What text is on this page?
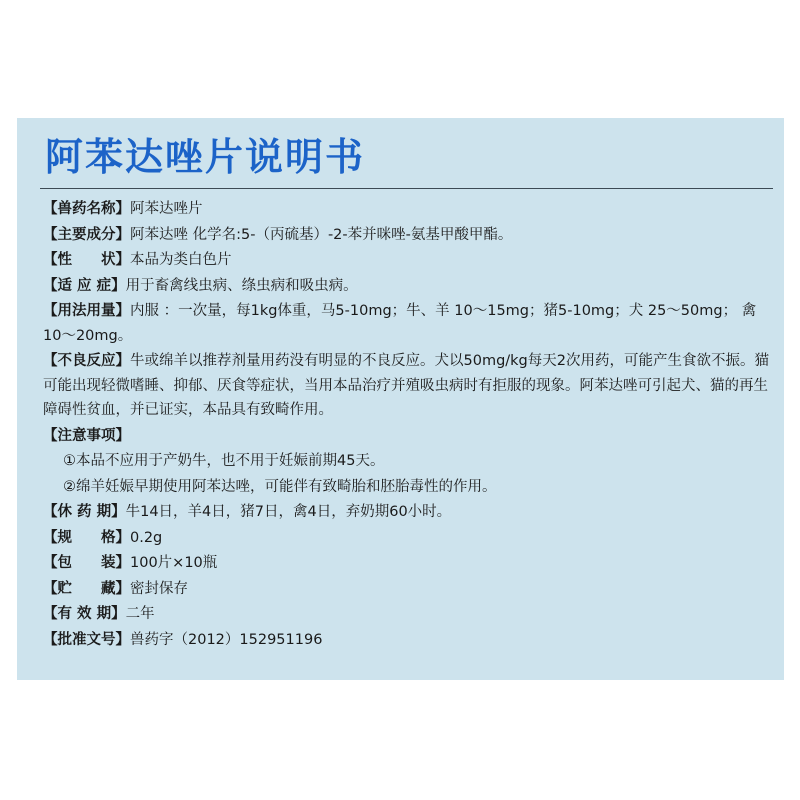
阿苯达唑片说明书
【兽药名称】阿苯达唑片
【主要成分】阿苯达唑 化学名:5-（丙硫基）-2-苯并咪唑-氨基甲酸甲酯。
【性　　状】本品为类白色片
【适 应 症】用于畜禽线虫病、绦虫病和吸虫病。
【用法用量】内服 ：一次量，每1kg体重，马5-10mg；牛、羊 10～15mg；猪5-10mg；犬 25～50mg； 禽10～20mg。
【不良反应】牛或绵羊以推荐剂量用药没有明显的不良反应。犬以50mg/kg每天2次用药，可能产生食欲不振。猫可能出现轻微嗜睡、抑郁、厌食等症状，当用本品治疗并殖吸虫病时有拒服的现象。阿苯达唑可引起犬、猫的再生障碍性贫血，并已证实，本品具有致畸作用。
【注意事项】
①本品不应用于产奶牛，也不用于妊娠前期45天。
②绵羊妊娠早期使用阿苯达唑，可能伴有致畸胎和胚胎毒性的作用。
【休 药 期】牛14日，羊4日，猪7日，禽4日，弃奶期60小时。
【规　　格】0.2g
【包　　装】100片×10瓶
【贮　　藏】密封保存
【有 效 期】二年
【批准文号】兽药字（2012）152951196
